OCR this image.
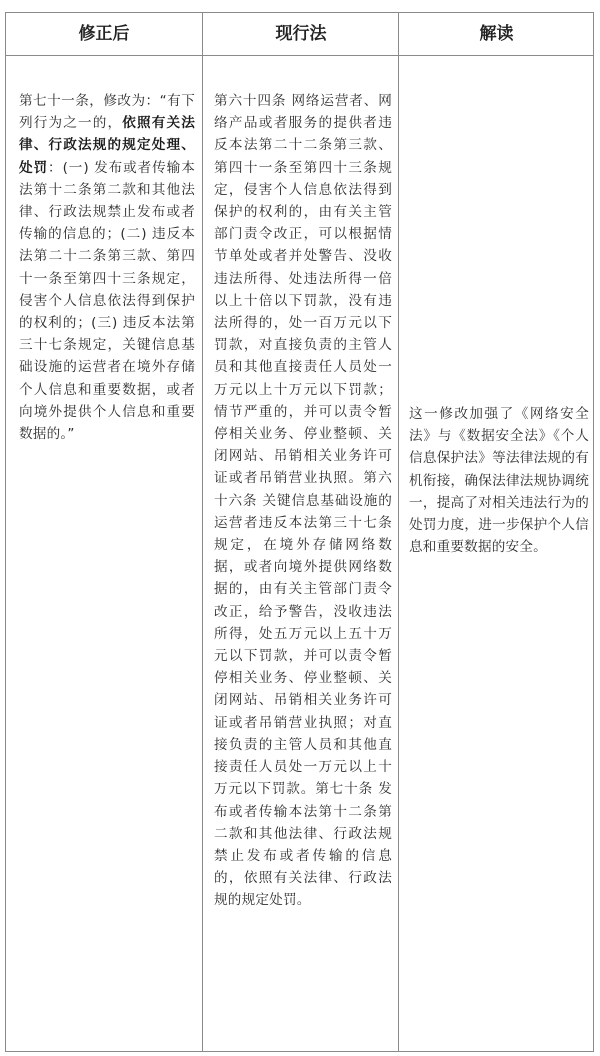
修正后	现行法	解读
第七十一条，修改为：“有下列行为之一的，依照有关法律、行政法规的规定处理、处罚：(一) 发布或者传输本法第十二条第二款和其他法律、行政法规禁止发布或者传输的信息的；(二) 违反本法第二十二条第三款、第四十一条至第四十三条规定，侵害个人信息依法得到保护的权利的；(三) 违反本法第三十七条规定，关键信息基础设施的运营者在境外存储个人信息和重要数据，或者向境外提供个人信息和重要数据的。”
第六十四条 网络运营者、网络产品或者服务的提供者违反本法第二十二条第三款、第四十一条至第四十三条规定，侵害个人信息依法得到保护的权利的，由有关主管部门责令改正，可以根据情节单处或者并处警告、没收违法所得、处违法所得一倍以上十倍以下罚款，没有违法所得的，处一百万元以下罚款，对直接负责的主管人员和其他直接责任人员处一万元以上十万元以下罚款；情节严重的，并可以责令暂停相关业务、停业整顿、关闭网站、吊销相关业务许可证或者吊销营业执照。第六十六条 关键信息基础设施的运营者违反本法第三十七条规定，在境外存储网络数据，或者向境外提供网络数据的，由有关主管部门责令改正，给予警告，没收违法所得，处五万元以上五十万元以下罚款，并可以责令暂停相关业务、停业整顿、关闭网站、吊销相关业务许可证或者吊销营业执照；对直接负责的主管人员和其他直接责任人员处一万元以上十万元以下罚款。第七十条 发布或者传输本法第十二条第二款和其他法律、行政法规禁止发布或者传输的信息的，依照有关法律、行政法规的规定处罚。
这一修改加强了《网络安全法》与《数据安全法》《个人信息保护法》等法律法规的有机衔接，确保法律法规协调统一，提高了对相关违法行为的处罚力度，进一步保护个人信息和重要数据的安全。
